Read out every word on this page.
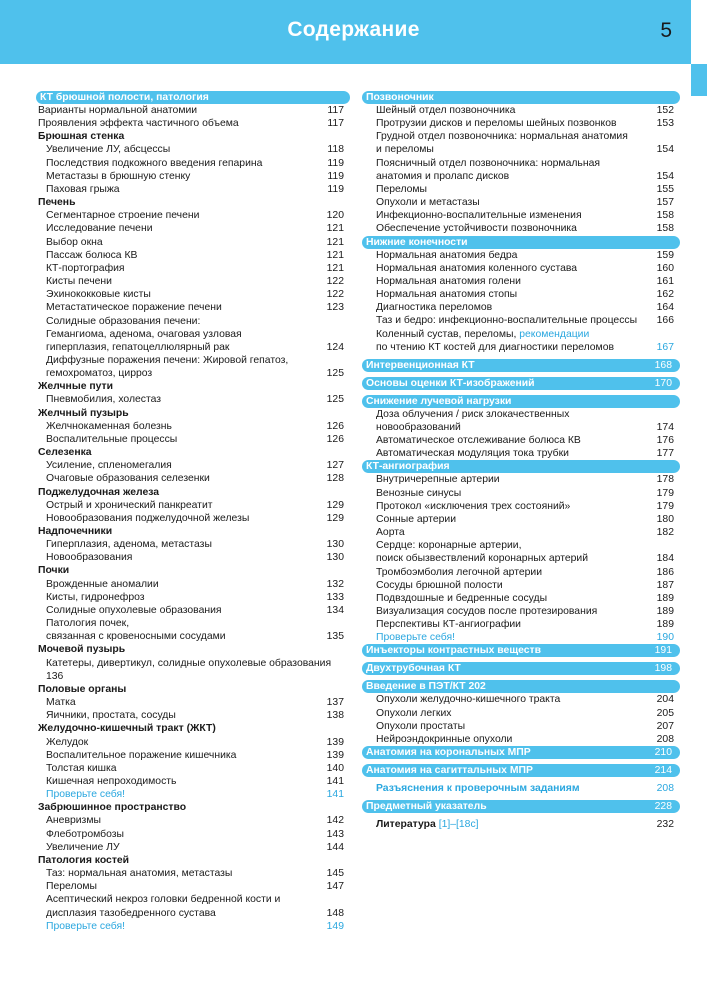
Содержание	5
КТ брюшной полости, патология
Варианты нормальной анатомии	117
Проявления эффекта частичного объема	117
Брюшная стенка
Увеличение ЛУ, абсцессы	118
Последствия подкожного введения гепарина	119
Метастазы в брюшную стенку	119
Паховая грыжа	119
Печень
Сегментарное строение печени	120
Исследование печени	121
Выбор окна	121
Пассаж болюса КВ	121
КТ-портография	121
Кисты печени	122
Эхинококковые кисты	122
Метастатическое поражение печени	123
Солидные образования печени:
Гемангиома, аденома, очаговая узловая
гиперплазия, гепатоцеллюлярный рак	124
Диффузные поражения печени: Жировой гепатоз,
гемохроматоз, цирроз	125
Желчные пути
Пневмобилия, холестаз	125
Желчный пузырь
Желчнокаменная болезнь	126
Воспалительные процессы	126
Селезенка
Усиление, спленомегалия	127
Очаговые образования селезенки	128
Поджелудочная железа
Острый и хронический панкреатит	129
Новообразования поджелудочной железы	129
Надпочечники
Гиперплазия, аденома, метастазы	130
Новообразования	130
Почки
Врожденные аномалии	132
Кисты, гидронефроз	133
Солидные опухолевые образования	134
Патология почек,
связанная с кровеносными сосудами	135
Мочевой пузырь
Катетеры, дивертикул, солидные опухолевые образования
136
Половые органы
Матка	137
Яичники, простата, сосуды	138
Желудочно-кишечный тракт (ЖКТ)
Желудок	139
Воспалительное поражение кишечника	139
Толстая кишка	140
Кишечная непроходимость	141
Проверьте себя!	141
Забрюшинное пространство
Аневризмы	142
Флеботромбозы	143
Увеличение ЛУ	144
Патология костей
Таз: нормальная анатомия, метастазы	145
Переломы	147
Асептический некроз головки бедренной кости и
дисплазия тазобедренного сустава	148
Проверьте себя!	149
Позвоночник
Шейный отдел позвоночника	152
Протрузии дисков и переломы шейных позвонков	153
Грудной отдел позвоночника: нормальная анатомия
и переломы	154
Поясничный отдел позвоночника: нормальная
анатомия и пролапс дисков	154
Переломы	155
Опухоли и метастазы	157
Инфекционно-воспалительные изменения	158
Обеспечение устойчивости позвоночника	158
Нижние конечности
Нормальная анатомия бедра	159
Нормальная анатомия коленного сустава	160
Нормальная анатомия голени	161
Нормальная анатомия стопы	162
Диагностика переломов	164
Таз и бедро: инфекционно-воспалительные процессы	166
Коленный сустав, переломы, рекомендации
по чтению КТ костей для диагностики переломов	167
Интервенционная КТ	168
Основы оценки КТ-изображений	170
Снижение лучевой нагрузки
Доза облучения / риск злокачественных
новообразований	174
Автоматическое отслеживание болюса КВ	176
Автоматическая модуляция тока трубки	177
КТ-ангиография
Внутричерепные артерии	178
Венозные синусы	179
Протокол «исключения трех состояний»	179
Сонные артерии	180
Аорта	182
Сердце: коронарные артерии,
поиск обызвествлений коронарных артерий	184
Тромбоэмболия легочной артерии	186
Сосуды брюшной полости	187
Подвздошные и бедренные сосуды	189
Визуализация сосудов после протезирования	189
Перспективы КТ-ангиографии	189
Проверьте себя!	190
Инъекторы контрастных веществ	191
Двухтрубочная КТ	198
Введение в ПЭТ/КТ 202
Опухоли желудочно-кишечного тракта	204
Опухоли легких	205
Опухоли простаты	207
Нейроэндокринные опухоли	208
Анатомия на корональных МПР	210
Анатомия на сагиттальных МПР	214
Разъяснения к проверочным заданиям	208
Предметный указатель	228
Литература [1]–[18c]	232
